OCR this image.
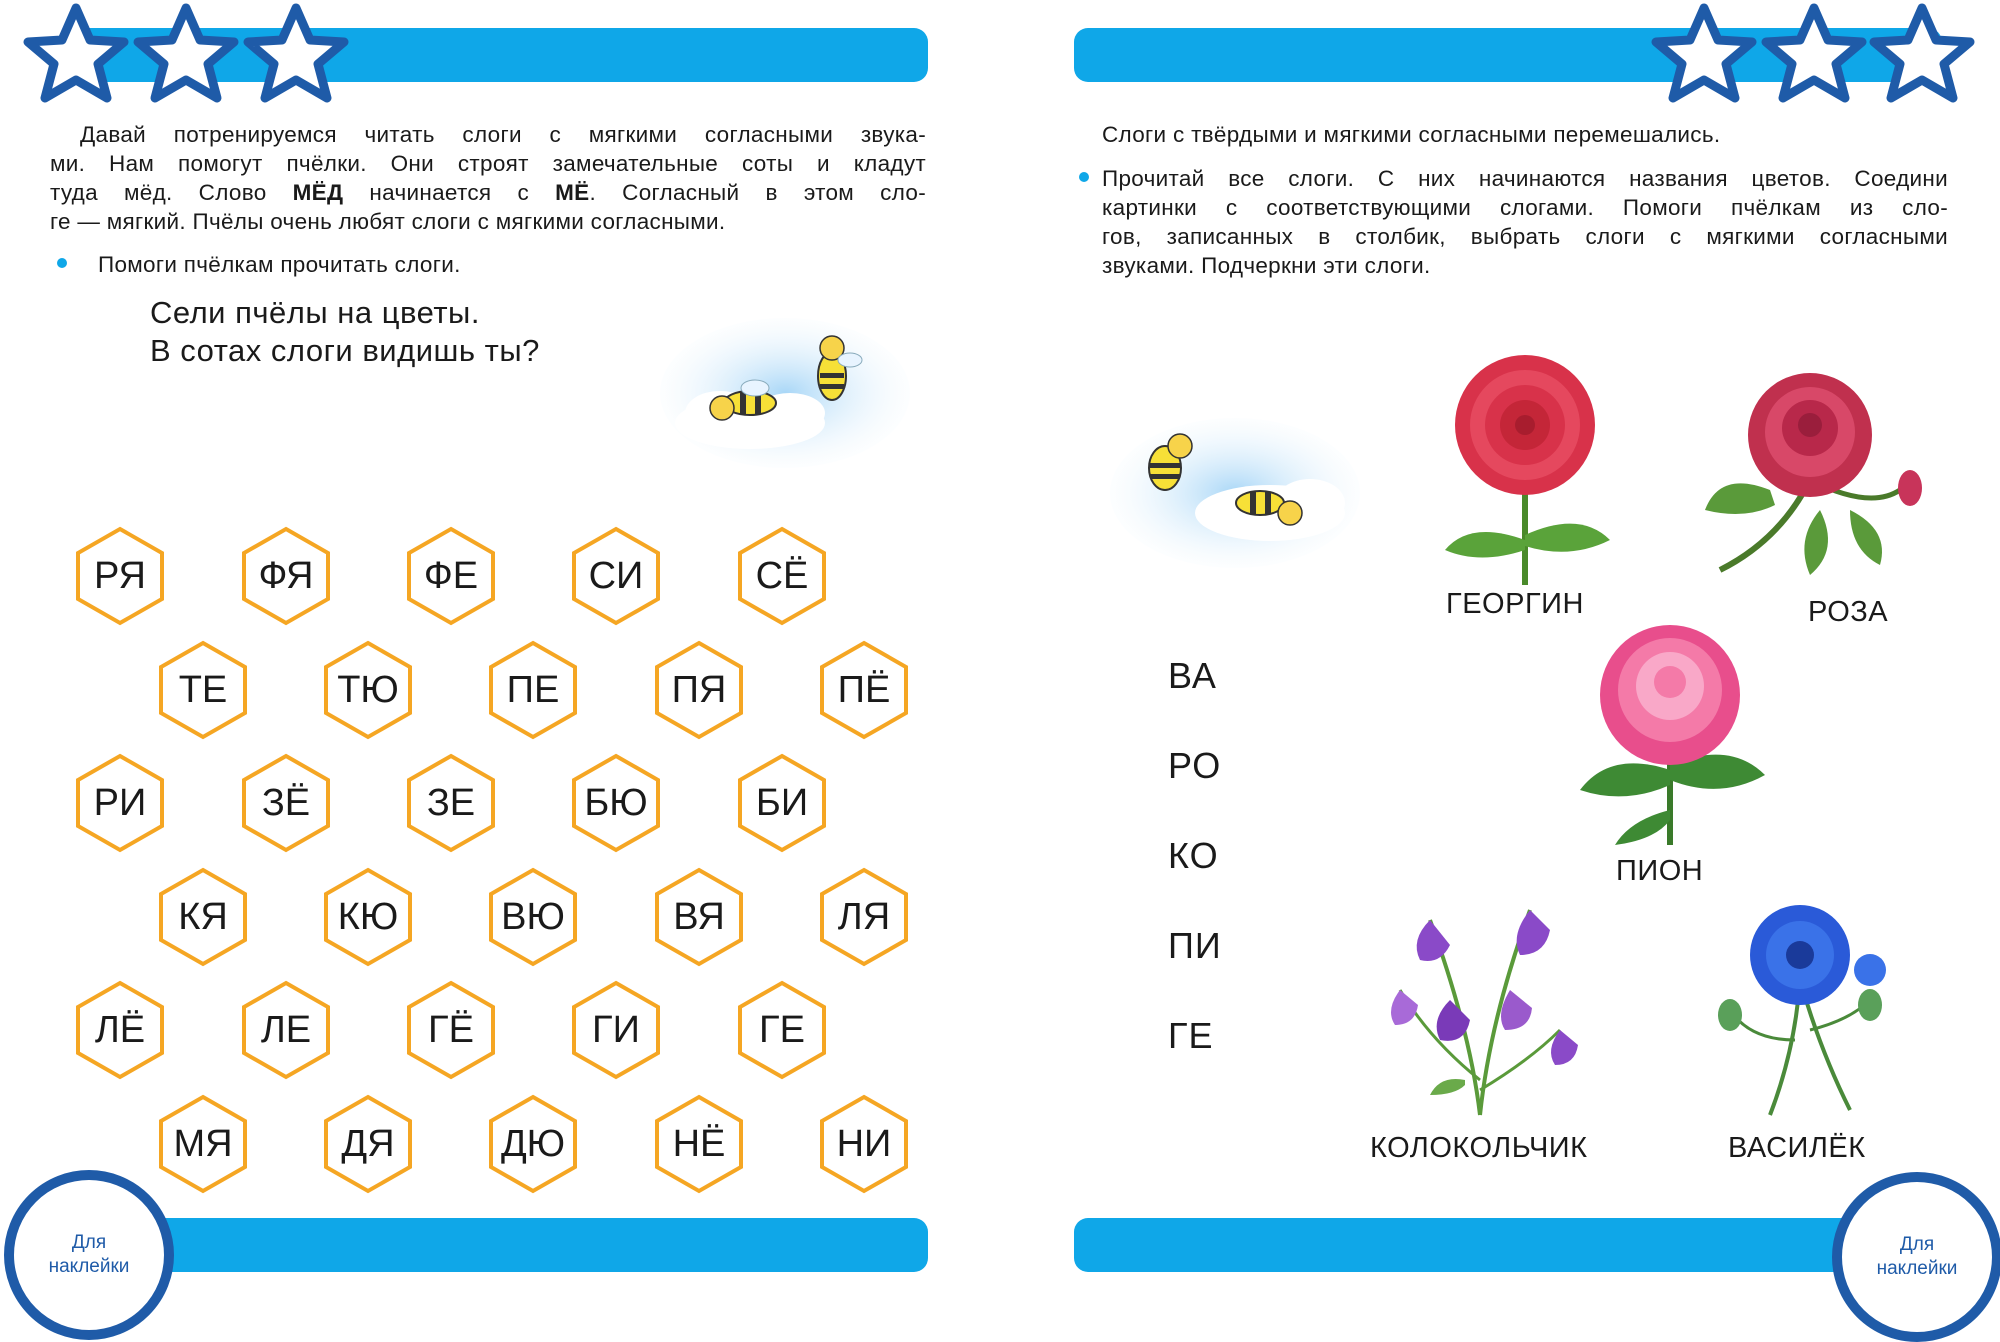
Давай потренируемся читать слоги с мягкими согласными звука-
ми. Нам помогут пчёлки. Они строят замечательные соты и кладут
туда мёд. Слово МЁД начинается с МЁ. Согласный в этом сло-
ге — мягкий. Пчёлы очень любят слоги с мягкими согласными.
Помоги пчёлкам прочитать слоги.
Сели пчёлы на цветы.
В сотах слоги видишь ты?
РЯ	ФЯ	ФЕ	СИ	СЁ
ТЕ	ТЮ	ПЕ	ПЯ	ПЁ
РИ	ЗЁ	ЗЕ	БЮ	БИ
КЯ	КЮ	ВЮ	ВЯ	ЛЯ
ЛЁ	ЛЕ	ГЁ	ГИ	ГЕ
МЯ	ДЯ	ДЮ	НЁ	НИ
Для
наклейки
Слоги с твёрдыми и мягкими согласными перемешались.
Прочитай все слоги. С них начинаются названия цветов. Соедини
картинки с соответствующими слогами. Помоги пчёлкам из сло-
гов, записанных в столбик, выбрать слоги с мягкими согласными
звуками. Подчеркни эти слоги.
ВА
РО
КО
ПИ
ГЕ
ГЕОРГИН	РОЗА
ПИОН
КОЛОКОЛЬЧИК	ВАСИЛЁК
Для
наклейки
